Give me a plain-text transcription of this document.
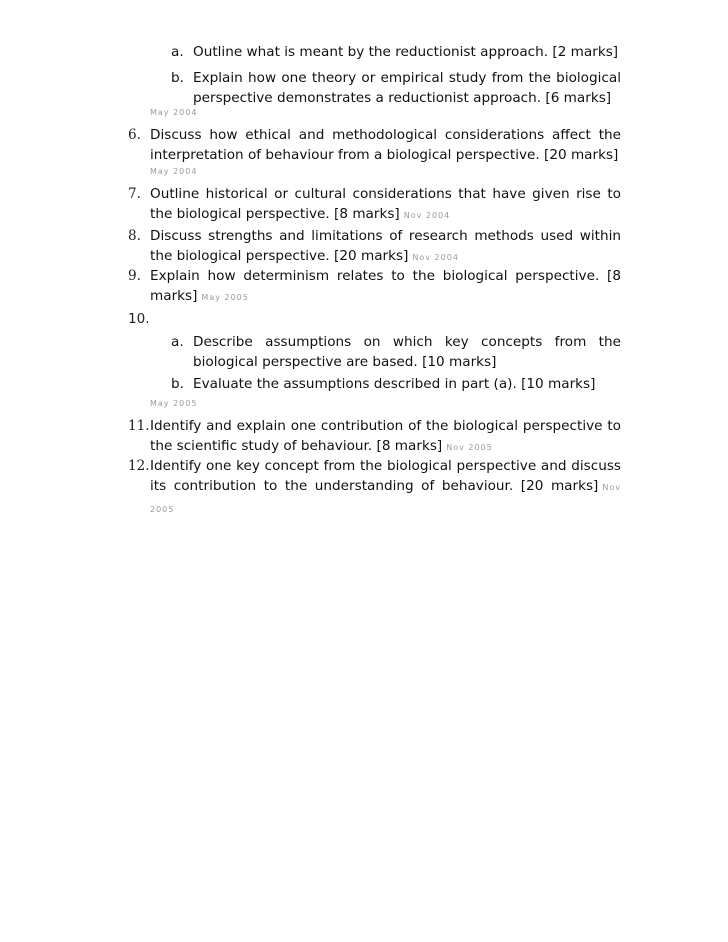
a. Outline what is meant by the reductionist approach. [2 marks]
b. Explain how one theory or empirical study from the biological perspective demonstrates a reductionist approach. [6 marks]
May 2004
6. Discuss how ethical and methodological considerations affect the interpretation of behaviour from a biological perspective. [20 marks]
May 2004
7. Outline historical or cultural considerations that have given rise to the biological perspective. [8 marks] Nov 2004
8. Discuss strengths and limitations of research methods used within the biological perspective. [20 marks] Nov 2004
9. Explain how determinism relates to the biological perspective. [8 marks] May 2005
10.
a. Describe assumptions on which key concepts from the biological perspective are based. [10 marks]
b. Evaluate the assumptions described in part (a). [10 marks]
May 2005
11. Identify and explain one contribution of the biological perspective to the scientific study of behaviour. [8 marks] Nov 2005
12. Identify one key concept from the biological perspective and discuss its contribution to the understanding of behaviour. [20 marks] Nov 2005
